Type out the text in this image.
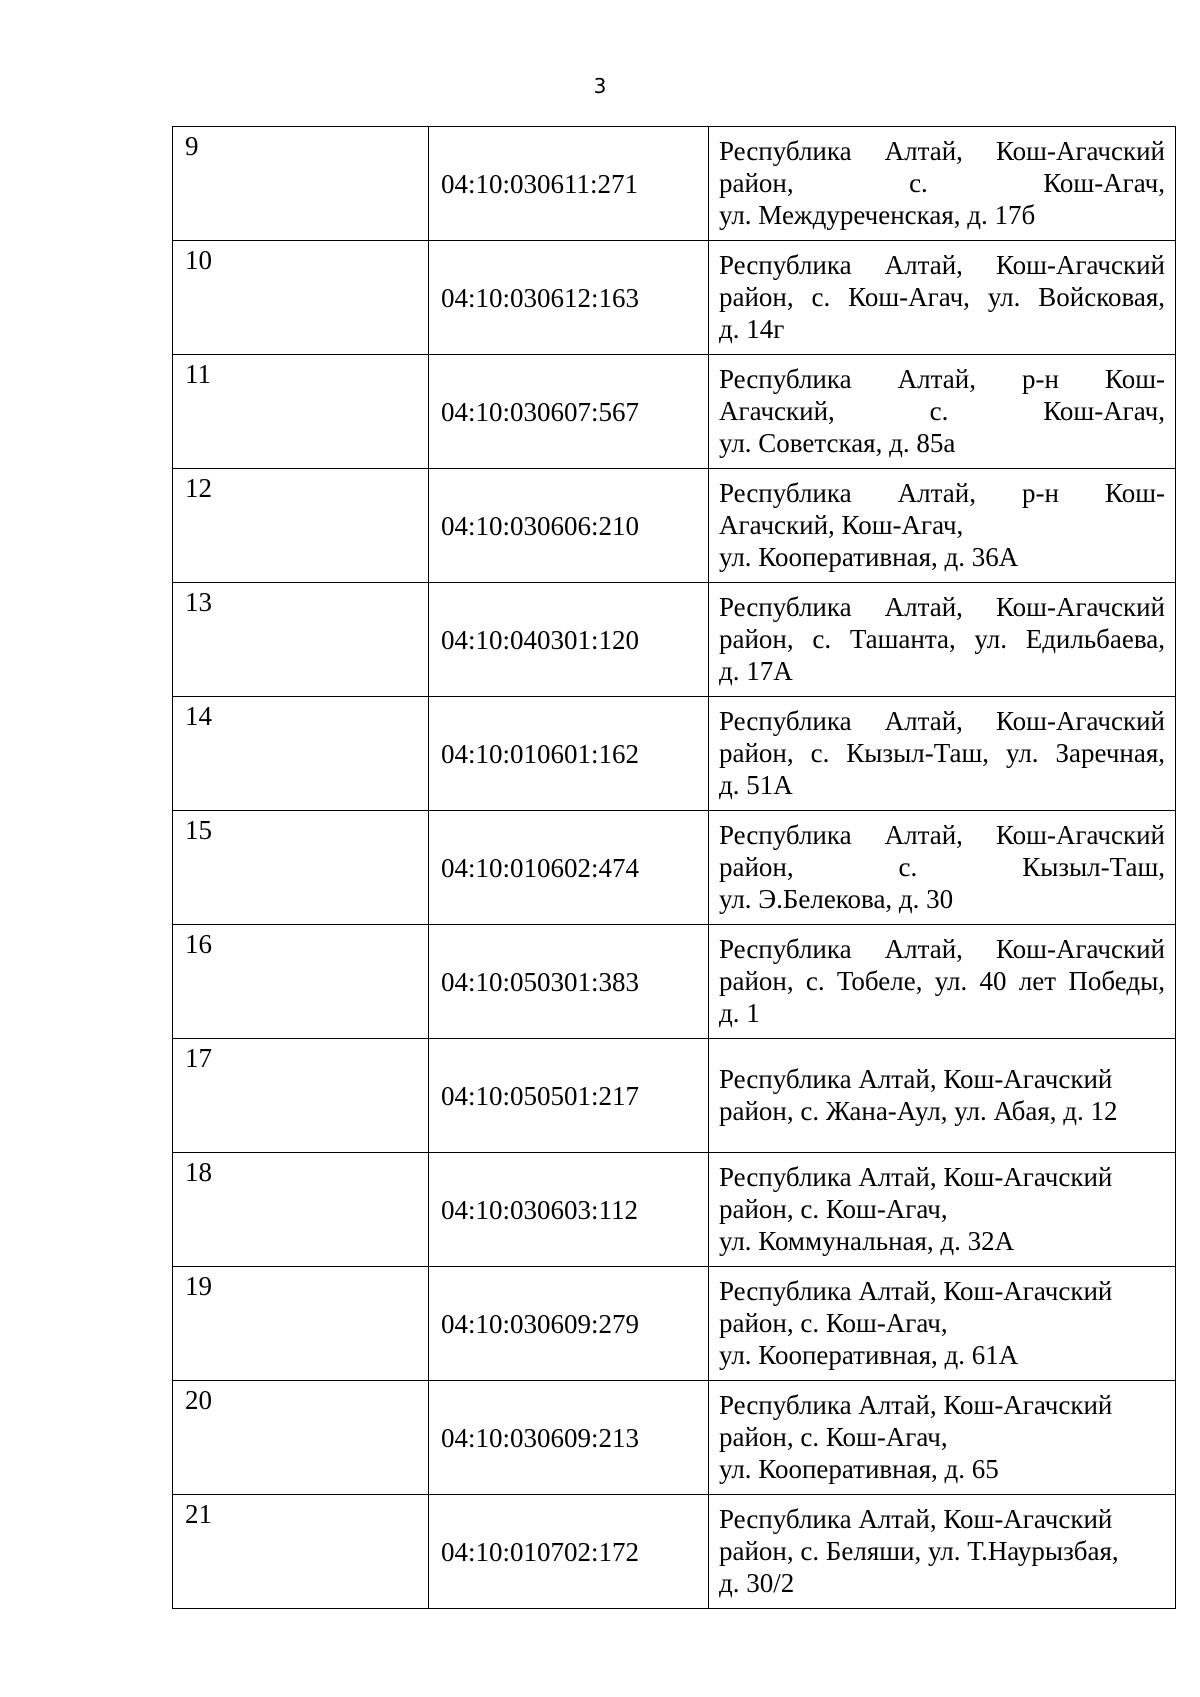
3
9	04:10:030611:271	Республика Алтай, Кош-Агачский
район, с. Кош-Агач,
ул. Междуреченская, д. 17б

10	04:10:030612:163	Республика Алтай, Кош-Агачский
район, с. Кош-Агач, ул. Войсковая,
д. 14г

11	04:10:030607:567	Республика Алтай, р-н Кош-
Агачский, с. Кош-Агач,
ул. Советская, д. 85а

12	04:10:030606:210	Республика Алтай, р-н Кош-
Агачский, Кош-Агач,
ул. Кооперативная, д. 36А

13	04:10:040301:120	Республика Алтай, Кош-Агачский
район, с. Ташанта, ул. Едильбаева,
д. 17А

14	04:10:010601:162	Республика Алтай, Кош-Агачский
район, с. Кызыл-Таш, ул. Заречная,
д. 51А

15	04:10:010602:474	Республика Алтай, Кош-Агачский
район, с. Кызыл-Таш,
ул. Э.Белекова, д. 30

16	04:10:050301:383	Республика Алтай, Кош-Агачский
район, с. Тобеле, ул. 40 лет Победы,
д. 1

17	04:10:050501:217	Республика Алтай, Кош-Агачский
район, с. Жана-Аул, ул. Абая, д. 12

18	04:10:030603:112	Республика Алтай, Кош-Агачский
район, с. Кош-Агач,
ул. Коммунальная, д. 32А

19	04:10:030609:279	Республика Алтай, Кош-Агачский
район, с. Кош-Агач,
ул. Кооперативная, д. 61А

20	04:10:030609:213	Республика Алтай, Кош-Агачский
район, с. Кош-Агач,
ул. Кооперативная, д. 65

21	04:10:010702:172	Республика Алтай, Кош-Агачский
район, с. Беляши, ул. Т.Наурызбая,
д. 30/2
